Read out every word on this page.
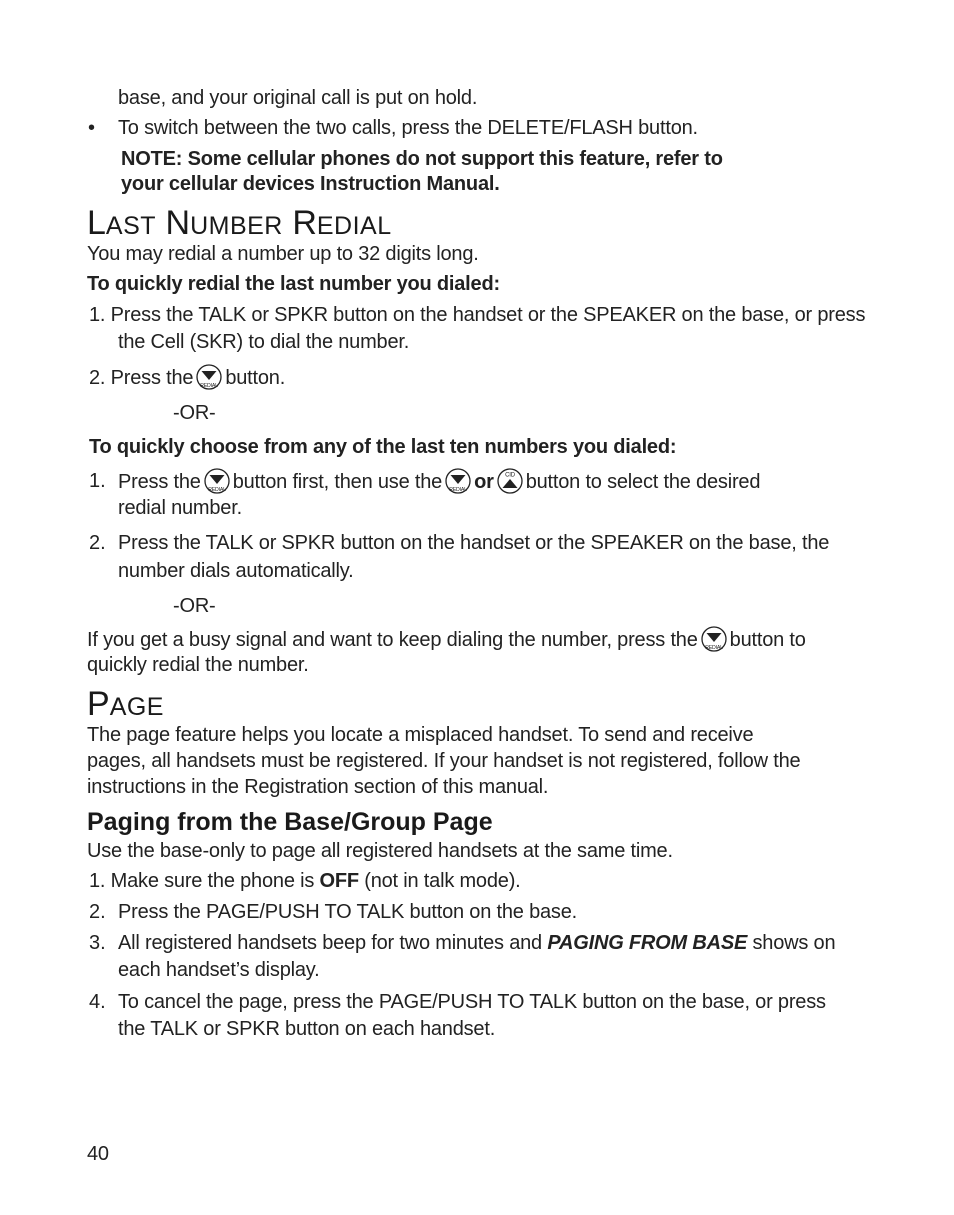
base, and your original call is put on hold.
• To switch between the two calls, press the DELETE/FLASH button.
NOTE: Some cellular phones do not support this feature, refer to
your cellular devices Instruction Manual.
LAST NUMBER REDIAL
You may redial a number up to 32 digits long.
To quickly redial the last number you dialed:
1. Press the TALK or SPKR button on the handset or the SPEAKER on the base, or press
the Cell (SKR) to dial the number.
2. Press the button.
-OR-
To quickly choose from any of the last ten numbers you dialed:
1. Press the button first, then use the or button to select the desired
redial number.
2. Press the TALK or SPKR button on the handset or the SPEAKER on the base, the
number dials automatically.
-OR-
If you get a busy signal and want to keep dialing the number, press the button to
quickly redial the number.
PAGE
The page feature helps you locate a misplaced handset. To send and receive
pages, all handsets must be registered. If your handset is not registered, follow the
instructions in the Registration section of this manual.
Paging from the Base/Group Page
Use the base-only to page all registered handsets at the same time.
1. Make sure the phone is OFF (not in talk mode).
2. Press the PAGE/PUSH TO TALK button on the base.
3. All registered handsets beep for two minutes and PAGING FROM BASE shows on
each handset’s display.
4. To cancel the page, press the PAGE/PUSH TO TALK button on the base, or press
the TALK or SPKR button on each handset.
40
